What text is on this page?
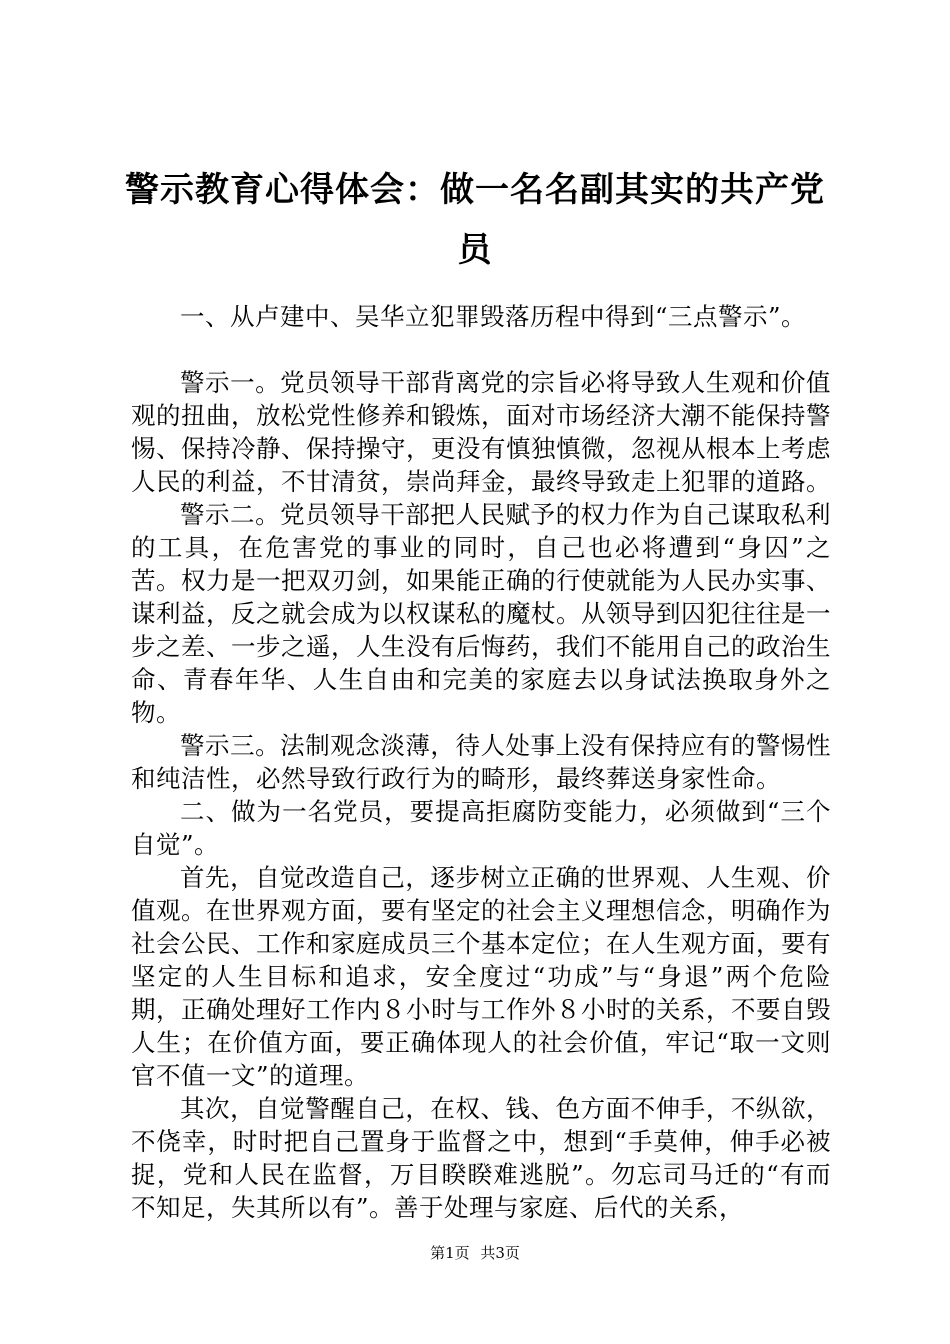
警示教育心得体会：做一名名副其实的共产党员

一、从卢建中、吴华立犯罪毁落历程中得到“三点警示”。

警示一。党员领导干部背离党的宗旨必将导致人生观和价值观的扭曲，放松党性修养和锻炼，面对市场经济大潮不能保持警惕、保持冷静、保持操守，更没有慎独慎微，忽视从根本上考虑人民的利益，不甘清贫，崇尚拜金，最终导致走上犯罪的道路。

警示二。党员领导干部把人民赋予的权力作为自己谋取私利的工具，在危害党的事业的同时，自己也必将遭到“身囚”之苦。权力是一把双刃剑，如果能正确的行使就能为人民办实事、谋利益，反之就会成为以权谋私的魔杖。从领导到囚犯往往是一步之差、一步之遥，人生没有后悔药，我们不能用自己的政治生命、青春年华、人生自由和完美的家庭去以身试法换取身外之物。

警示三。法制观念淡薄，待人处事上没有保持应有的警惕性和纯洁性，必然导致行政行为的畸形，最终葬送身家性命。

二、做为一名党员，要提高拒腐防变能力，必须做到“三个自觉”。

首先，自觉改造自己，逐步树立正确的世界观、人生观、价值观。在世界观方面，要有坚定的社会主义理想信念，明确作为社会公民、工作和家庭成员三个基本定位；在人生观方面，要有坚定的人生目标和追求，安全度过“功成”与“身退”两个危险期，正确处理好工作内８小时与工作外８小时的关系，不要自毁人生；在价值方面，要正确体现人的社会价值，牢记“取一文则官不值一文”的道理。

其次，自觉警醒自己，在权、钱、色方面不伸手，不纵欲，不侥幸，时时把自己置身于监督之中，想到“手莫伸，伸手必被捉，党和人民在监督，万目睽睽难逃脱”。勿忘司马迁的“有而不知足，失其所以有”。善于处理与家庭、后代的关系，

第1页 共3页
